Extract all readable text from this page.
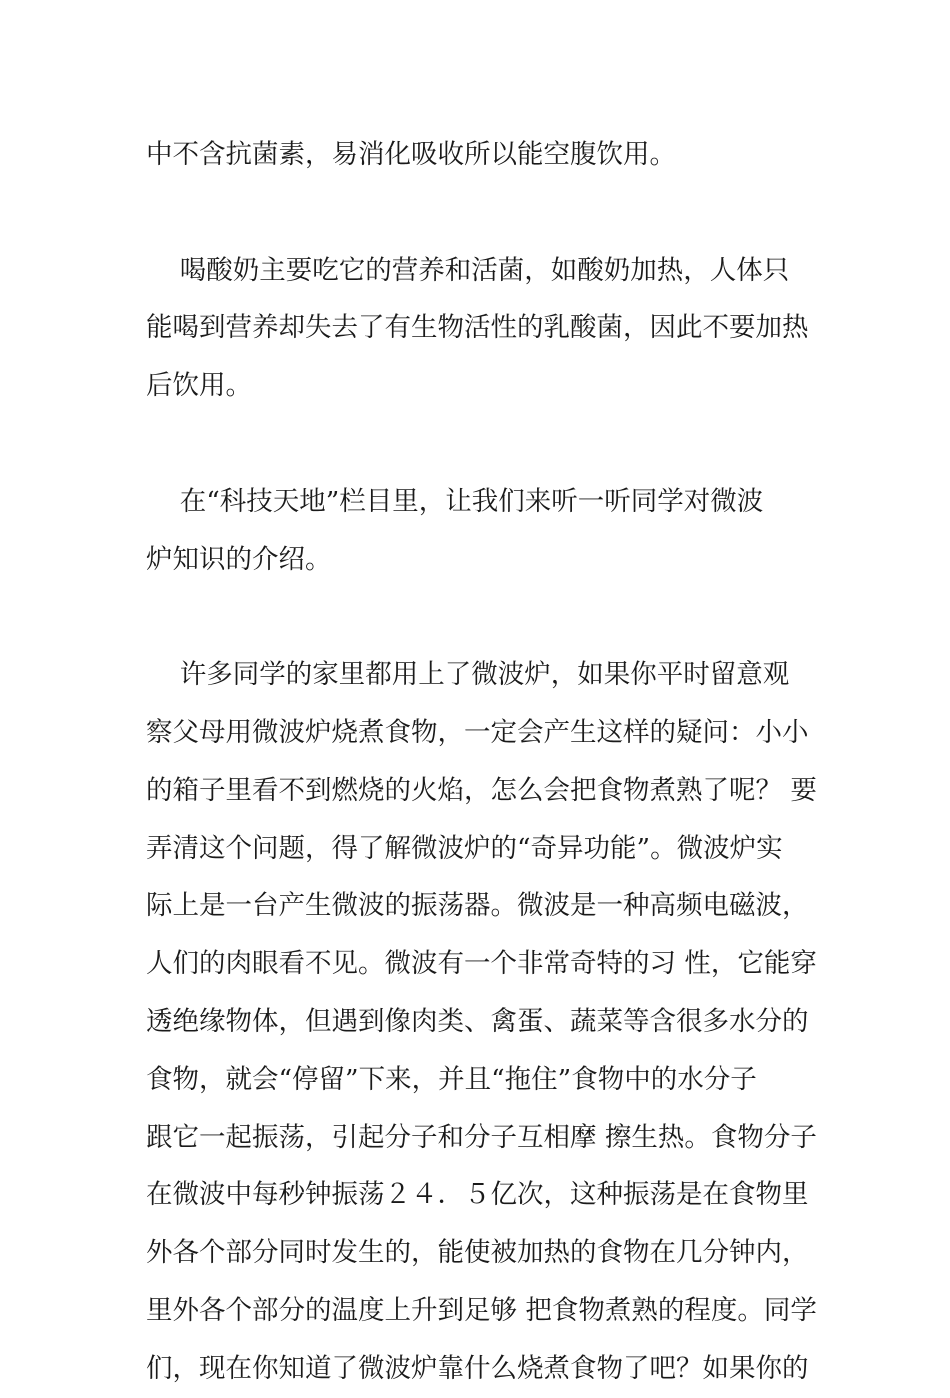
中不含抗菌素，易消化吸收所以能空腹饮用。
喝酸奶主要吃它的营养和活菌，如酸奶加热，人体只
能喝到营养却失去了有生物活性的乳酸菌，因此不要加热
后饮用。
在“科技天地”栏目里，让我们来听一听同学对微波
炉知识的介绍。
许多同学的家里都用上了微波炉，如果你平时留意观
察父母用微波炉烧煮食物，一定会产生这样的疑问：小小
的箱子里看不到燃烧的火焰，怎么会把食物煮熟了呢？ 要
弄清这个问题，得了解微波炉的“奇异功能”。微波炉实
际上是一台产生微波的振荡器。微波是一种高频电磁波，
人们的肉眼看不见。微波有一个非常奇特的习 性，它能穿
透绝缘物体，但遇到像肉类、禽蛋、蔬菜等含很多水分的
食物，就会“停留”下来，并且“拖住”食物中的水分子
跟它一起振荡，引起分子和分子互相摩 擦生热。食物分子
在微波中每秒钟振荡２４．５亿次，这种振荡是在食物里
外各个部分同时发生的，能使被加热的食物在几分钟内，
里外各个部分的温度上升到足够 把食物煮熟的程度。同学
们，现在你知道了微波炉靠什么烧煮食物了吧？如果你的
